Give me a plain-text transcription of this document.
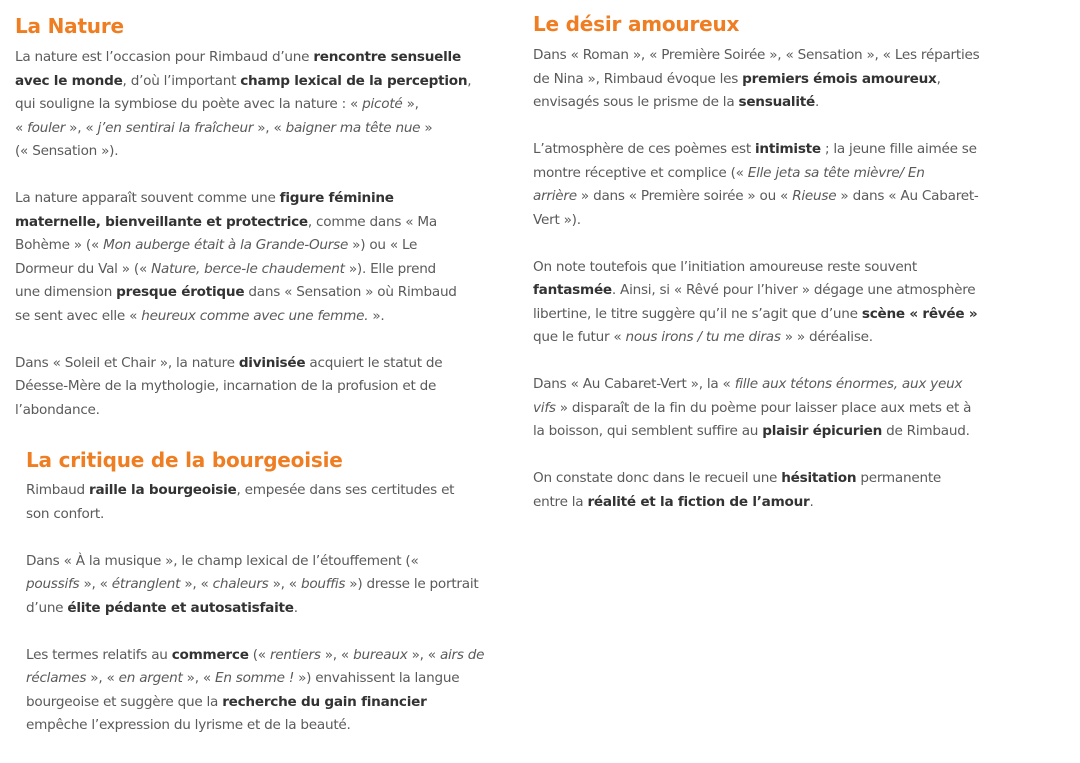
La Nature

La nature est l’occasion pour Rimbaud d’une rencontre sensuelle
avec le monde, d’où l’important champ lexical de la perception,
qui souligne la symbiose du poète avec la nature : « picoté »,
« fouler », « j’en sentirai la fraîcheur », « baigner ma tête nue »
(« Sensation »).

La nature apparaît souvent comme une figure féminine
maternelle, bienveillante et protectrice, comme dans « Ma
Bohème » (« Mon auberge était à la Grande-Ourse ») ou « Le
Dormeur du Val » (« Nature, berce-le chaudement »). Elle prend
une dimension presque érotique dans « Sensation » où Rimbaud
se sent avec elle « heureux comme avec une femme. ».

Dans « Soleil et Chair », la nature divinisée acquiert le statut de
Déesse-Mère de la mythologie, incarnation de la profusion et de
l’abondance.

La critique de la bourgeoisie

Rimbaud raille la bourgeoisie, empesée dans ses certitudes et
son confort.

Dans « À la musique », le champ lexical de l’étouffement («
poussifs », « étranglent », « chaleurs », « bouffis ») dresse le portrait
d’une élite pédante et autosatisfaite.

Les termes relatifs au commerce (« rentiers », « bureaux », « airs de
réclames », « en argent », « En somme ! ») envahissent la langue
bourgeoise et suggère que la recherche du gain financier
empêche l’expression du lyrisme et de la beauté.

Le désir amoureux

Dans « Roman », « Première Soirée », « Sensation », « Les réparties
de Nina », Rimbaud évoque les premiers émois amoureux,
envisagés sous le prisme de la sensualité.

L’atmosphère de ces poèmes est intimiste ; la jeune fille aimée se
montre réceptive et complice (« Elle jeta sa tête mièvre/ En
arrière » dans « Première soirée » ou « Rieuse » dans « Au Cabaret-
Vert »).

On note toutefois que l’initiation amoureuse reste souvent
fantasmée. Ainsi, si « Rêvé pour l’hiver » dégage une atmosphère
libertine, le titre suggère qu’il ne s’agit que d’une scène « rêvée »
que le futur « nous irons / tu me diras » » déréalise.

Dans « Au Cabaret-Vert », la « fille aux tétons énormes, aux yeux
vifs » disparaît de la fin du poème pour laisser place aux mets et à
la boisson, qui semblent suffire au plaisir épicurien de Rimbaud.

On constate donc dans le recueil une hésitation permanente
entre la réalité et la fiction de l’amour.
